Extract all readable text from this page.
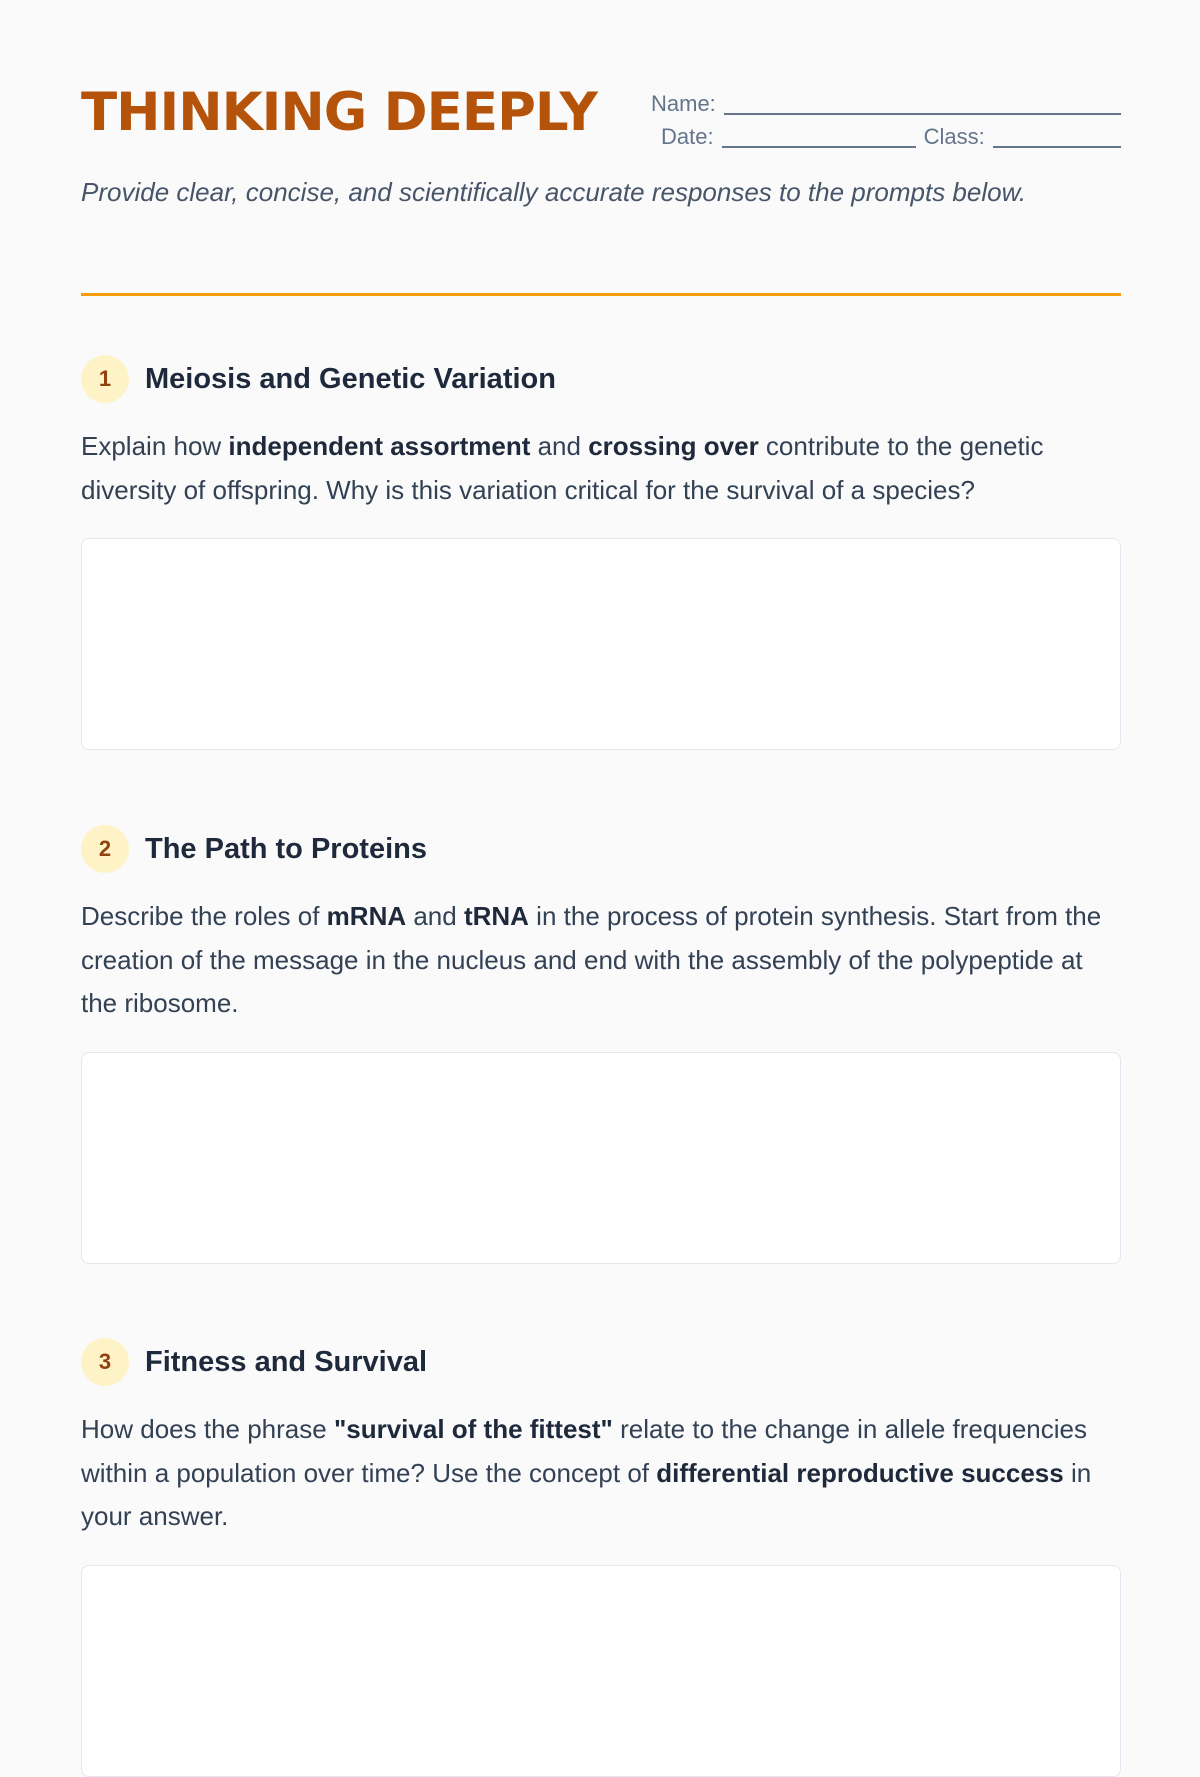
THINKING DEEPLY Name:
Date:	Class:

Provide clear, concise, and scientifically accurate responses to the prompts below.

1	Meiosis and Genetic Variation

Explain how independent assortment and crossing over contribute to the genetic diversity of offspring. Why is this variation critical for the survival of a species?

2	The Path to Proteins

Describe the roles of mRNA and tRNA in the process of protein synthesis. Start from the creation of the message in the nucleus and end with the assembly of the polypeptide at the ribosome.

3	Fitness and Survival

How does the phrase "survival of the fittest" relate to the change in allele frequencies within a population over time? Use the concept of differential reproductive success in your answer.
